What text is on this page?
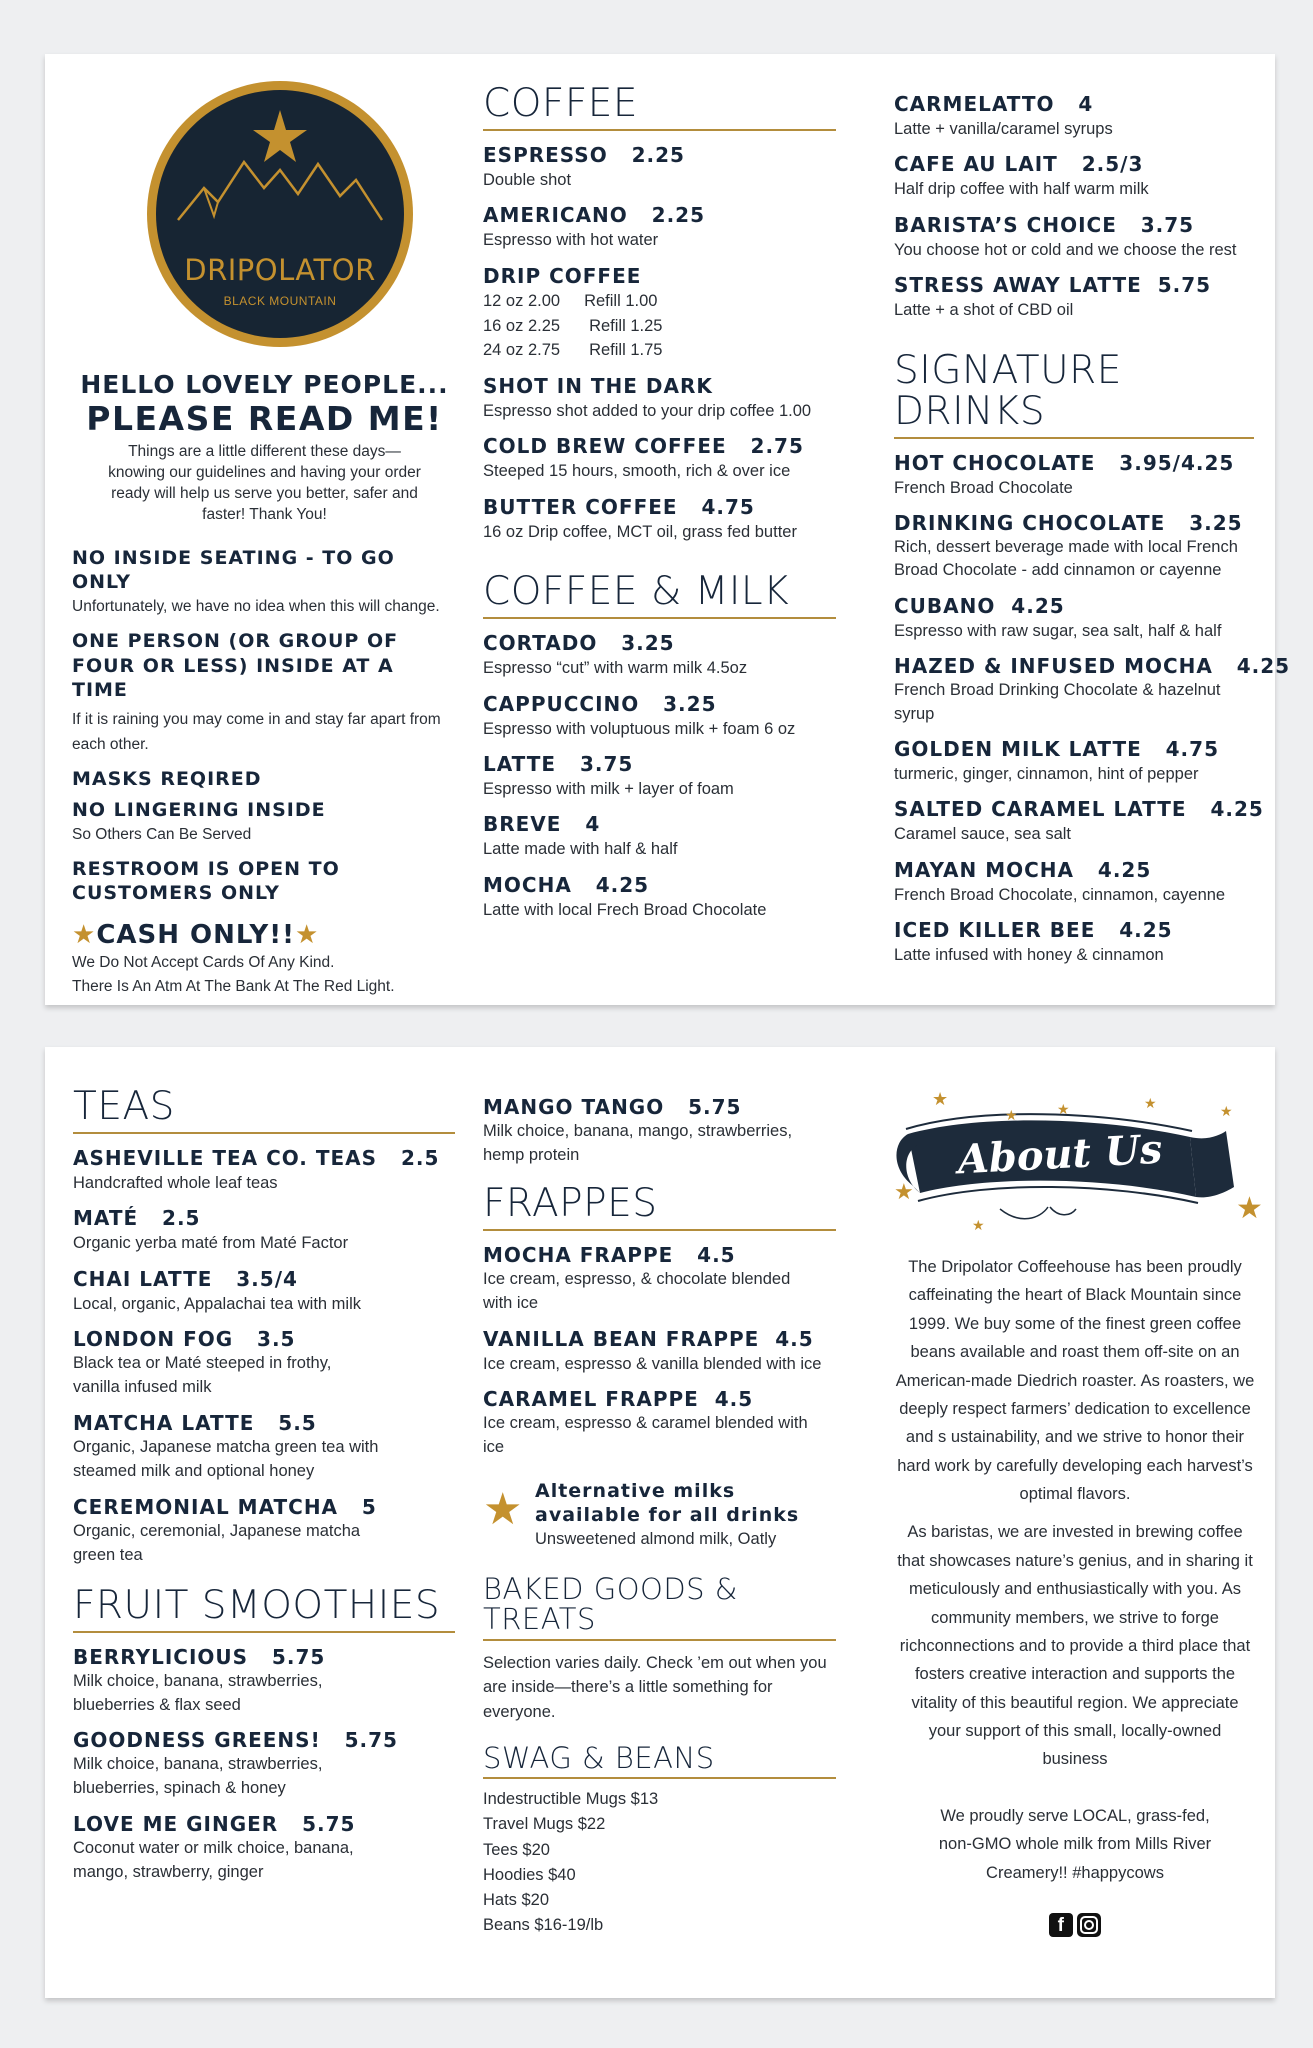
DRIPOLATOR
BLACK MOUNTAIN
HELLO LOVELY PEOPLE...
PLEASE READ ME!
Things are a little different these days—knowing our guidelines and having your order ready will help us serve you better, safer and faster! Thank You!
NO INSIDE SEATING - TO GO ONLY
Unfortunately, we have no idea when this will change.
ONE PERSON (OR GROUP OF FOUR OR LESS) INSIDE AT A TIME
If it is raining you may come in and stay far apart from each other.
MASKS REQIRED
NO LINGERING INSIDE
So Others Can Be Served
RESTROOM IS OPEN TO CUSTOMERS ONLY
★CASH ONLY!!★
We Do Not Accept Cards Of Any Kind.
There Is An Atm At The Bank At The Red Light.
COFFEE
ESPRESSO   2.25
Double shot
AMERICANO   2.25
Espresso with hot water
DRIP COFFEE
12 oz 2.00 Refill 1.00
16 oz 2.25 Refill 1.25
24 oz 2.75 Refill 1.75
SHOT IN THE DARK
Espresso shot added to your drip coffee 1.00
COLD BREW COFFEE   2.75
Steeped 15 hours, smooth, rich & over ice
BUTTER COFFEE   4.75
16 oz Drip coffee, MCT oil, grass fed butter
COFFEE & MILK
CORTADO   3.25
Espresso “cut” with warm milk 4.5oz
CAPPUCCINO   3.25
Espresso with voluptuous milk + foam 6 oz
LATTE   3.75
Espresso with milk + layer of foam
BREVE   4
Latte made with half & half
MOCHA   4.25
Latte with local Frech Broad Chocolate
CARMELATTO   4
Latte + vanilla/caramel syrups
CAFE AU LAIT   2.5/3
Half drip coffee with half warm milk
BARISTA’S CHOICE   3.75
You choose hot or cold and we choose the rest
STRESS AWAY LATTE  5.75
Latte + a shot of CBD oil
SIGNATURE DRINKS
HOT CHOCOLATE   3.95/4.25
French Broad Chocolate
DRINKING CHOCOLATE   3.25
Rich, dessert beverage made with local French Broad Chocolate - add cinnamon or cayenne
CUBANO  4.25
Espresso with raw sugar, sea salt, half & half
HAZED & INFUSED MOCHA   4.25
French Broad Drinking Chocolate & hazelnut syrup
GOLDEN MILK LATTE   4.75
turmeric, ginger, cinnamon, hint of pepper
SALTED CARAMEL LATTE   4.25
Caramel sauce, sea salt
MAYAN MOCHA   4.25
French Broad Chocolate, cinnamon, cayenne
ICED KILLER BEE   4.25
Latte infused with honey & cinnamon
TEAS
ASHEVILLE TEA CO. TEAS   2.5
Handcrafted whole leaf teas
MATÉ   2.5
Organic yerba maté from Maté Factor
CHAI LATTE   3.5/4
Local, organic, Appalachai tea with milk
LONDON FOG   3.5
Black tea or Maté steeped in frothy, vanilla infused milk
MATCHA LATTE   5.5
Organic, Japanese matcha green tea with steamed milk and optional honey
CEREMONIAL MATCHA   5
Organic, ceremonial, Japanese matcha green tea
FRUIT SMOOTHIES
BERRYLICIOUS   5.75
Milk choice, banana, strawberries, blueberries & flax seed
GOODNESS GREENS!   5.75
Milk choice, banana, strawberries, blueberries, spinach & honey
LOVE ME GINGER   5.75
Coconut water or milk choice, banana, mango, strawberry, ginger
MANGO TANGO   5.75
Milk choice, banana, mango, strawberries, hemp protein
FRAPPES
MOCHA FRAPPE   4.5
Ice cream, espresso, & chocolate blended with ice
VANILLA BEAN FRAPPE  4.5
Ice cream, espresso & vanilla blended with ice
CARAMEL FRAPPE  4.5
Ice cream, espresso & caramel blended with ice
★ Alternative milks
available for all drinks
Unsweetened almond milk, Oatly
BAKED GOODS & TREATS
Selection varies daily. Check ’em out when you are inside—there’s a little something for everyone.
SWAG & BEANS
Indestructible Mugs $13
Travel Mugs $22
Tees $20
Hoodies $40
Hats $20
Beans $16-19/lb
★
★	★	★	★
★
★	★
About Us
The Dripolator Coffeehouse has been proudly caffeinating the heart of Black Mountain since 1999. We buy some of the finest green coffee beans available and roast them off-site on an American-made Diedrich roaster. As roasters, we deeply respect farmers’ dedication to excellence and s ustainability, and we strive to honor their hard work by carefully developing each harvest’s optimal flavors.
As baristas, we are invested in brewing coffee that showcases nature’s genius, and in sharing it meticulously and enthusiastically with you. As community members, we strive to forge richconnections and to provide a third place that fosters creative interaction and supports the vitality of this beautiful region. We appreciate your support of this small, locally-owned business
We proudly serve LOCAL, grass-fed, non-GMO whole milk from Mills River Creamery!! #happycows
f
